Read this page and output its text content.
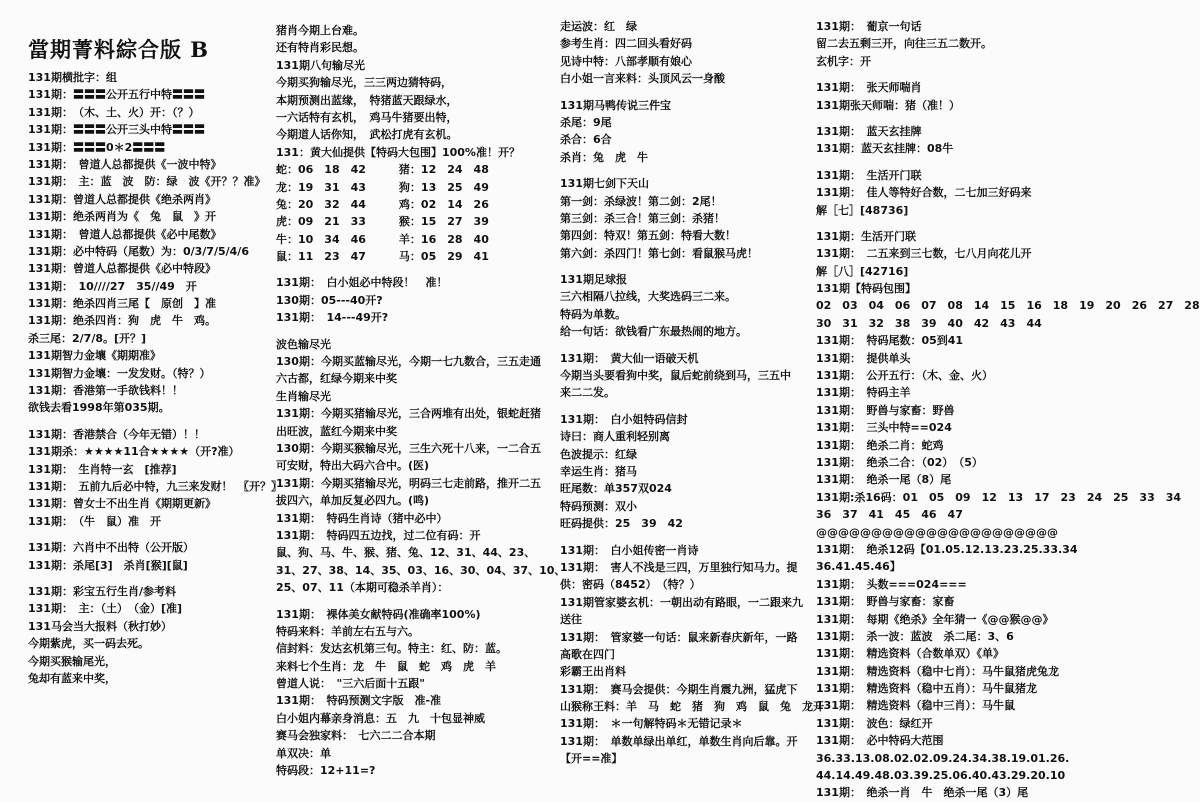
當期菁料綜合版 B
131期横批字：组
131期：〓〓〓公开五行中特〓〓〓
131期：　（木、土、火）开：（？）
131期：〓〓〓公开三头中特〓〓〓
131期：〓〓〓0＊2〓〓〓
131期：　曾道人总都提供《一波中特》
131期：　主：蓝　波　防：绿　波《开？？准》
131期：曾道人总都提供《绝杀两肖》
131期：绝杀两肖为《　兔　鼠　》开
131期：　曾道人总都提供《必中尾数》
131期：必中特码（尾数）为：0/3/7/5/4/6
131期：曾道人总都提供《必中特段》
131期：　10////27　35//49　开
131期：绝杀四肖三尾【　原创　】准
131期：绝杀四肖：狗　虎　牛　鸡。
杀三尾：2/7/8。[开？]
131期智力金壤《期期准》
131期智力金壤：一发发财。（特？）
131期：香港第一手欲钱料！！
欲钱去看1998年第035期。
131期：香港禁合（今年无错）！！
131期杀：★★★★11合★★★★（开?准）
131期：　生肖特一玄　[推荐]
131期：　五前九后必中特，九三来发财！　〖开？〗
131期：曾女士不出生肖《期期更新》
131期：　（牛　鼠）准　开
131期：六肖中不出特（公开版）
131期：杀尾[3]　杀肖[猴][鼠]
131期：彩宝五行生肖/参考料
131期：　主：（土）　（金）[准]
131马会当大报料（秋打妙）
今期紫虎，买一码去死。
今期买猴输尾光，
兔却有蓝来中奖，
猪肖今期上台难。
还有特肖彩民想。
131期八句输尽光
今期买狗输尽光，三三两边猜特码，
本期预测出蓝缘，　特猪蓝天跟绿水，
一六话特有玄机，　鸡马牛猪要出特，
今期道人话你知，　武松打虎有玄机。
131：黄大仙提供【特码大包围】100%准！开？
蛇：06　18　42　　　猪：12　24　48
龙：19　31　43　　　狗：13　25　49
兔：20　32　44　　　鸡：02　14　26
虎：09　21　33　　　猴：15　27　39
牛：10　34　46　　　羊：16　28　40
鼠：11　23　47　　　马：05　29　41
131期：　白小姐必中特段！　准！
130期：05---40开?
131期：　14---49开?
波色输尽光
130期：今期买蓝输尽光，今期一七九数合，三五走通
六古都，红绿今期来中奖
生肖输尽光
131期：今期买猪输尽光，三合两堆有出处，银蛇赶猪
出旺波，蓝红今期来中奖
130期：今期买猴输尽光，三生六死十八来，一二合五
可安财，特出大码六合中。(医)
131期：今期买猪输尽光，明码三七走前路，推开二五
拔四六，单加反复必四九。(鸣)
131期：　特码生肖诗（猪中必中）
131期：　特码四五边找，过二位有码：开
鼠、狗、马、牛、猴、猪、兔、12、31、44、23、
31、27、38、14、35、03、16、30、04、37、10、
25、07、11（本期可稳杀羊肖）：
131期：　裸体美女献特码(准确率100%)
特码来料：羊前左右五与六。
信封料：发达玄机第三句。特主：红、防：蓝。
来料七个生肖：龙　牛　鼠　蛇　鸡　虎　羊
曾道人说：　"三六后面十五跟"
131期：　特码预测文字版　准-准
白小姐内幕亲身消息：五　九　十包显神威
赛马会独家料：　七六二二合本期
单双决：单
特码段：12+11=?
走运波：红　绿
参考生肖：四二回头看好码
见诗中特：八部孝顺有娘心
白小姐一言来料：头顶风云一身酸
131期马鸭传说三件宝
杀尾：9尾
杀合：6合
杀肖：兔　虎　牛
131期七剑下天山
第一剑：杀绿波！第二剑：2尾！
第三剑：杀三合！第三剑：杀猪！
第四剑：特双！第五剑：特看大数！
第六剑：杀四门！第七剑：看鼠猴马虎！
131期足球报
三六相隔八拉线，大奖选码三二来。
特码为单数。
给一句话：欲钱看广东最热闹的地方。
131期：　黄大仙一语破天机
今期当头要看狗中奖，鼠后蛇前绕到马，三五中
来二二发。
131期：　白小姐特码信封
诗曰：商人重利轻别离
色波提示：红绿
幸运生肖：猪马
旺尾数：单357双024
特码预测：双小
旺码提供：25　39　42
131期：　白小姐传密一肖诗
131期：　害人不浅是三四，万里独行知马力。提
供：密码（8452）　（特？）
131期管家婆玄机：一朝出动有路眼，一二跟来九
送往
131期：　管家婆一句话：鼠来新春庆新年，一路
高歌在四门
彩霸王出肖料
131期：　赛马会提供：今期生肖震九洲，猛虎下
山猴称王料：羊　马　蛇　猪　狗　鸡　鼠　兔　龙开
131期：　＊一句解特码＊无错记录＊
131期：　单数单绿出单红，单数生肖向后靠。开
【开==准】
131期：　葡京一句话
留二去五剩三开，向往三五二数开。
玄机字：开
131期：　张天师喘肖
131期张天师喘：猪（准！）
131期：　蓝天玄挂牌
131期：蓝天玄挂牌：08牛
131期：　生活开门联
131期：　佳人等特好合数，二七加三好码来
解［七］[48736]
131期：生活开门联
131期：　二五来到三七数，七八月向花儿开
解［八］[42716]
131期【特码包围】
02　03　04　06　07　08　14　15　16　18　19　20　26　27　28
30　31　32　38　39　40　42　43　44
131期：　特码尾数：05到41
131期：　提供单头
131期：　公开五行：（木、金、火）
131期：　特码主羊
131期：　野兽与家畜：野兽
131期：　三头中特==024
131期：　绝杀二肖：蛇鸡
131期：　绝杀二合：（02）　（5）
131期：　绝杀一尾（8）尾
131期:杀16码：01　05　09　12　13　17　23　24　25　33　34
36　37　41　45　46　47
@@@@@@@@@@@@@@@@@@@@@@
131期：　绝杀12码【01.05.12.13.23.25.33.34
36.41.45.46】
131期：　头数===024===
131期：　野兽与家畜：家畜
131期：　每期《绝杀》全年猜一《@@猴@@》
131期：　杀一波：蓝波　杀二尾：3、6
131期：　精选资料（合数单双）《单》
131期：　精选资料（稳中七肖）：马牛鼠猪虎兔龙
131期：　精选资料（稳中五肖）：马牛鼠猪龙
131期：　精选资料（稳中三肖）：马牛鼠
131期：　波色：绿红开
131期：　必中特码大范围
36.33.13.08.02.02.09.24.34.38.19.01.26.
44.14.49.48.03.39.25.06.40.43.29.20.10
131期：　绝杀一肖　牛　绝杀一尾（3）尾
